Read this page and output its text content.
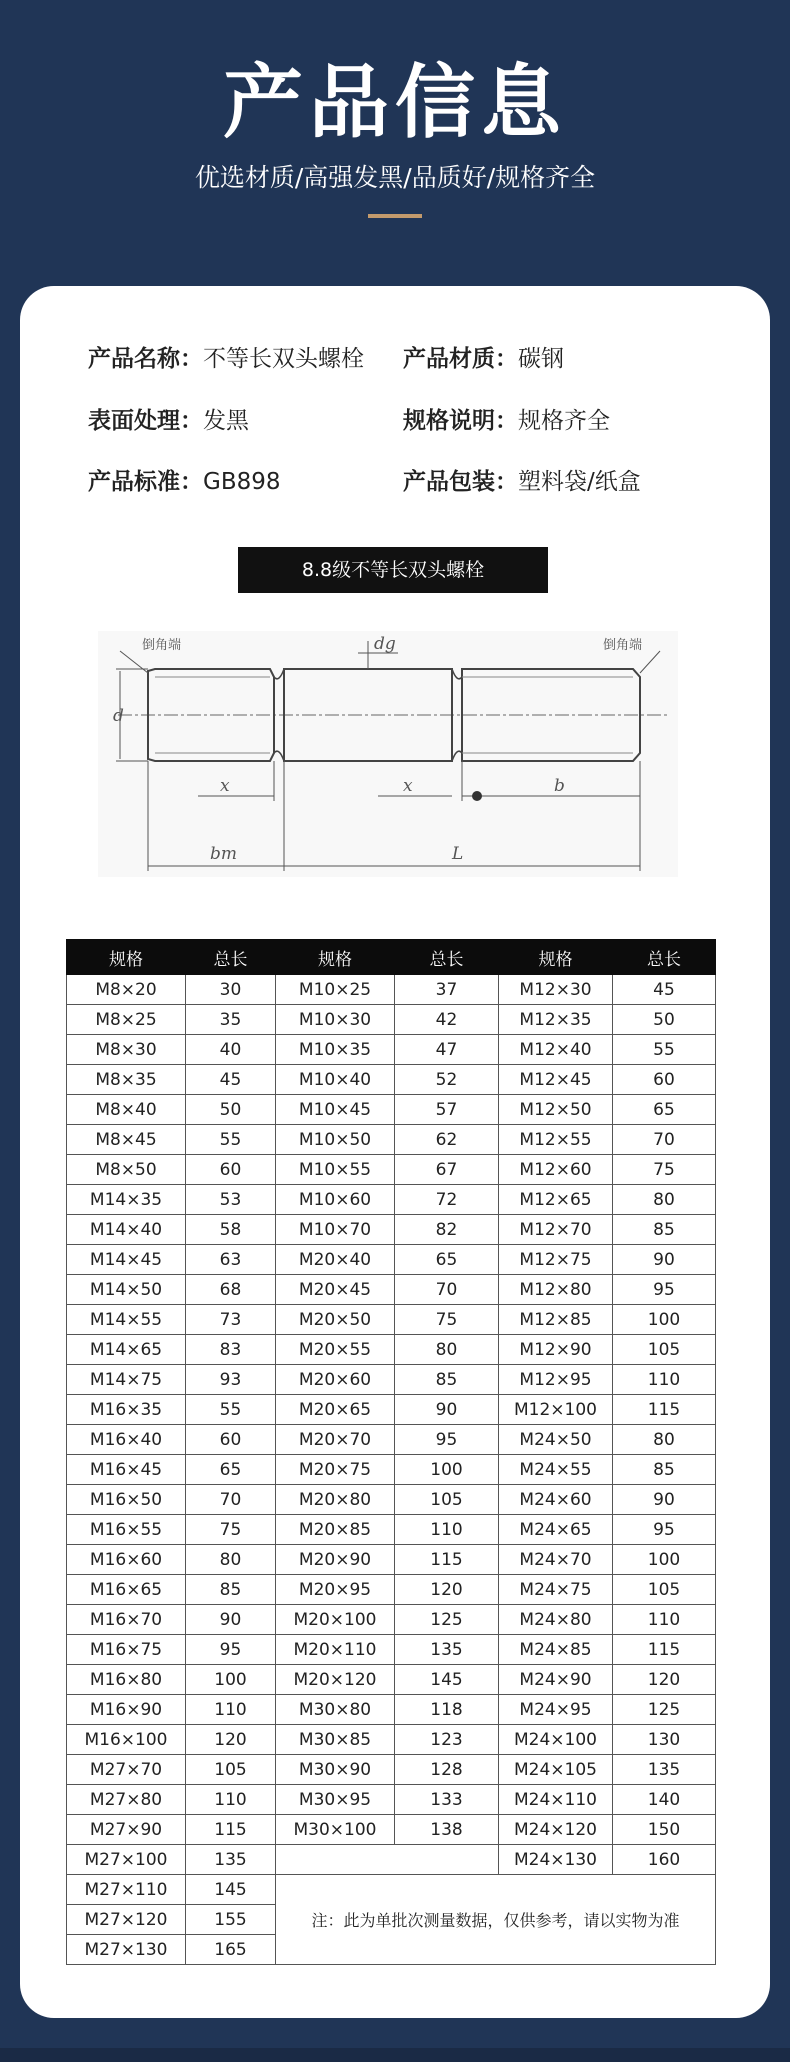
产品信息
优选材质/高强发黑/品质好/规格齐全
产品名称：不等长双头螺栓 产品材质：碳钢
表面处理：发黑	规格说明：规格齐全
产品标准：GB898	产品包装：塑料袋/纸盒
8.8级不等长双头螺栓
倒角端	倒角端
dg
d
x	x	b
bm	L
规格	总长	规格	总长	规格	总长
M8×20	30	M10×25	37	M12×30	45
M8×25	35	M10×30	42	M12×35	50
M8×30	40	M10×35	47	M12×40	55
M8×35	45	M10×40	52	M12×45	60
M8×40	50	M10×45	57	M12×50	65
M8×45	55	M10×50	62	M12×55	70
M8×50	60	M10×55	67	M12×60	75
M14×35	53	M10×60	72	M12×65	80
M14×40	58	M10×70	82	M12×70	85
M14×45	63	M20×40	65	M12×75	90
M14×50	68	M20×45	70	M12×80	95
M14×55	73	M20×50	75	M12×85	100
M14×65	83	M20×55	80	M12×90	105
M14×75	93	M20×60	85	M12×95	110
M16×35	55	M20×65	90	M12×100	115
M16×40	60	M20×70	95	M24×50	80
M16×45	65	M20×75	100	M24×55	85
M16×50	70	M20×80	105	M24×60	90
M16×55	75	M20×85	110	M24×65	95
M16×60	80	M20×90	115	M24×70	100
M16×65	85	M20×95	120	M24×75	105
M16×70	90	M20×100	125	M24×80	110
M16×75	95	M20×110	135	M24×85	115
M16×80	100	M20×120	145	M24×90	120
M16×90	110	M30×80	118	M24×95	125
M16×100	120	M30×85	123	M24×100	130
M27×70	105	M30×90	128	M24×105	135
M27×80	110	M30×95	133	M24×110	140
M27×90	115	M30×100	138	M24×120	150
M27×100	135			M24×130	160
M27×110	145	注：此为单批次测量数据，仅供参考，请以实物为准			
M27×120	155				
M27×130	165				
